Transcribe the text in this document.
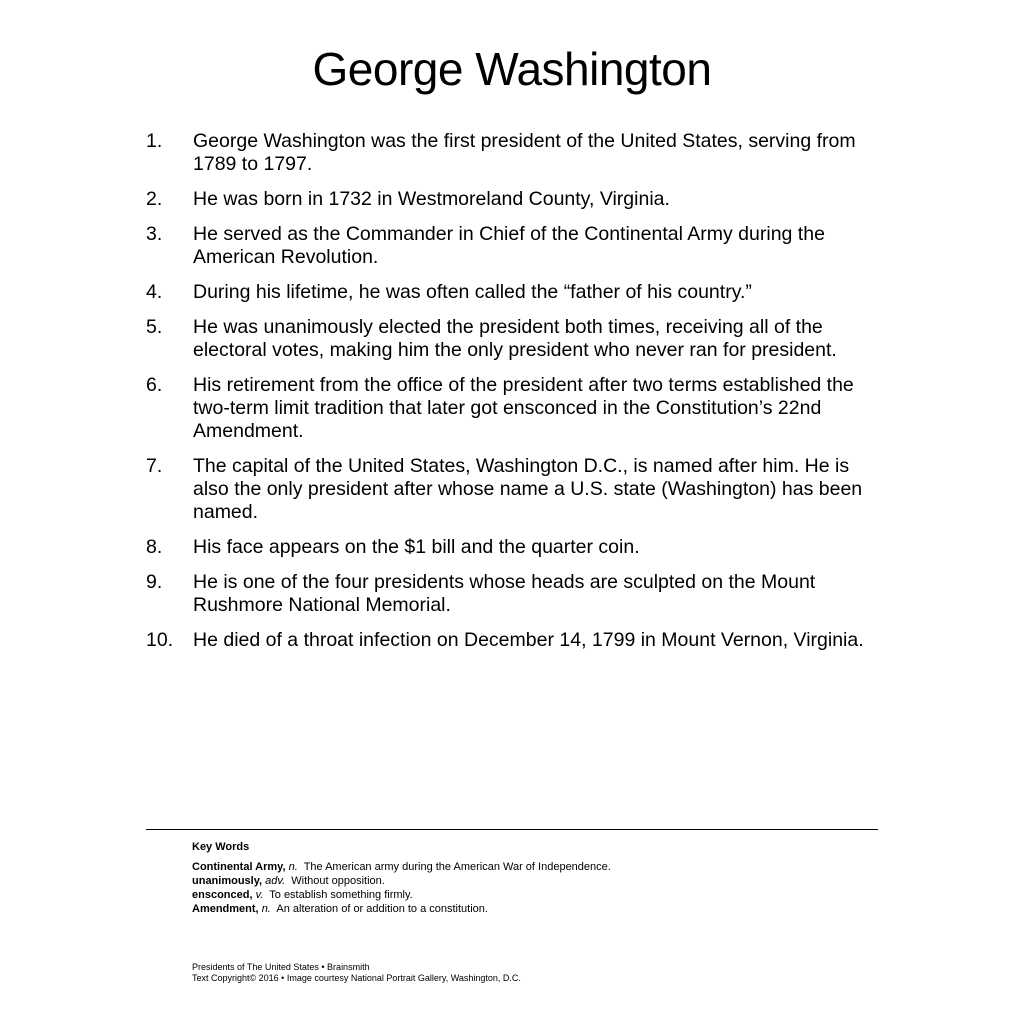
George Washington
1. George Washington was the first president of the United States, serving from 1789 to 1797.
2. He was born in 1732 in Westmoreland County, Virginia.
3. He served as the Commander in Chief of the Continental Army during the American Revolution.
4. During his lifetime, he was often called the “father of his country.”
5. He was unanimously elected the president both times, receiving all of the electoral votes, making him the only president who never ran for president.
6. His retirement from the office of the president after two terms established the two-term limit tradition that later got ensconced in the Constitution’s 22nd Amendment.
7. The capital of the United States, Washington D.C., is named after him. He is also the only president after whose name a U.S. state (Washington) has been named.
8. His face appears on the $1 bill and the quarter coin.
9. He is one of the four presidents whose heads are sculpted on the Mount Rushmore National Memorial.
10. He died of a throat infection on December 14, 1799 in Mount Vernon, Virginia.
Key Words
Continental Army, n. The American army during the American War of Independence.
unanimously, adv. Without opposition.
ensconced, v. To establish something firmly.
Amendment, n. An alteration of or addition to a constitution.
Presidents of The United States • Brainsmith
Text Copyright© 2016 • Image courtesy National Portrait Gallery, Washington, D.C.
